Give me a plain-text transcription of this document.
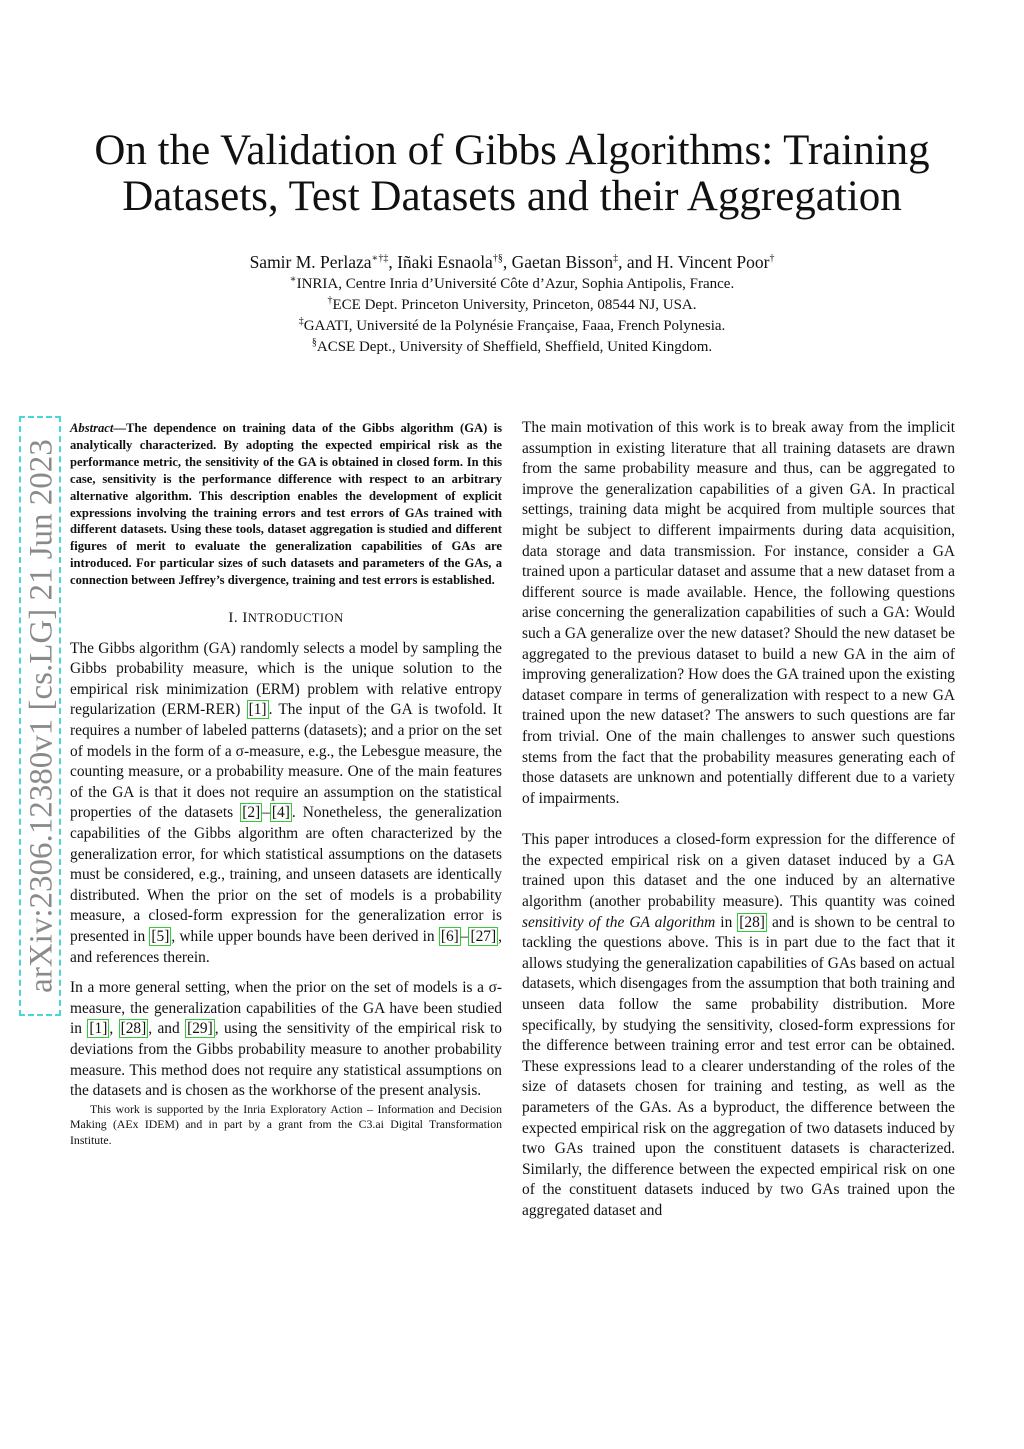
On the Validation of Gibbs Algorithms: Training
Datasets, Test Datasets and their Aggregation
Samir M. Perlaza∗†‡, Iñaki Esnaola†§, Gaetan Bisson‡, and H. Vincent Poor†
∗INRIA, Centre Inria d’Université Côte d’Azur, Sophia Antipolis, France.
†ECE Dept. Princeton University, Princeton, 08544 NJ, USA.
‡GAATI, Université de la Polynésie Française, Faaa, French Polynesia.
§ACSE Dept., University of Sheffield, Sheffield, United Kingdom.
arXiv:2306.12380v1 [cs.LG] 21 Jun 2023

Abstract—The dependence on training data of the Gibbs algorithm (GA) is analytically characterized. By adopting the expected empirical risk as the performance metric, the sensitivity of the GA is obtained in closed form. In this case, sensitivity is the performance difference with respect to an arbitrary alternative algorithm. This description enables the development of explicit expressions involving the training errors and test errors of GAs trained with different datasets. Using these tools, dataset aggregation is studied and different figures of merit to evaluate the generalization capabilities of GAs are introduced. For particular sizes of such datasets and parameters of the GAs, a connection between Jeffrey’s divergence, training and test errors is established.

I. INTRODUCTION

The Gibbs algorithm (GA) randomly selects a model by sampling the Gibbs probability measure, which is the unique solution to the empirical risk minimization (ERM) problem with relative entropy regularization (ERM-RER) [1] . The input of the GA is twofold. It requires a number of labeled patterns (datasets); and a prior on the set of models in the form of a σ-measure, e.g., the Lebesgue measure, the counting measure, or a probability measure. One of the main features of the GA is that it does not require an assumption on the statistical properties of the datasets [2] – [4] . Nonetheless, the generalization capabilities of the Gibbs algorithm are often characterized by the generalization error, for which statistical assumptions on the datasets must be considered, e.g., training, and unseen datasets are identically distributed. When the prior on the set of models is a probability measure, a closed-form expression for the generalization error is presented in [5] , while upper bounds have been derived in [6] – [27] , and references therein.

In a more general setting, when the prior on the set of models is a σ-measure, the generalization capabilities of the GA have been studied in [1] , [28] , and [29] , using the sensitivity of the empirical risk to deviations from the Gibbs probability measure to another probability measure. This method does not require any statistical assumptions on the datasets and is chosen as the workhorse of the present analysis.

This work is supported by the Inria Exploratory Action – Information and Decision Making (AEx IDEM) and in part by a grant from the C3.ai Digital Transformation Institute.

The main motivation of this work is to break away from the implicit assumption in existing literature that all training datasets are drawn from the same probability measure and thus, can be aggregated to improve the generalization capabilities of a given GA. In practical settings, training data might be acquired from multiple sources that might be subject to different impairments during data acquisition, data storage and data transmission. For instance, consider a GA trained upon a particular dataset and assume that a new dataset from a different source is made available. Hence, the following questions arise concerning the generalization capabilities of such a GA: Would such a GA generalize over the new dataset? Should the new dataset be aggregated to the previous dataset to build a new GA in the aim of improving generalization? How does the GA trained upon the existing dataset compare in terms of generalization with respect to a new GA trained upon the new dataset? The answers to such questions are far from trivial. One of the main challenges to answer such questions stems from the fact that the probability measures generating each of those datasets are unknown and potentially different due to a variety of impairments.

This paper introduces a closed-form expression for the difference of the expected empirical risk on a given dataset induced by a GA trained upon this dataset and the one induced by an alternative algorithm (another probability measure). This quantity was coined sensitivity of the GA algorithm in [28] and is shown to be central to tackling the questions above. This is in part due to the fact that it allows studying the generalization capabilities of GAs based on actual datasets, which disengages from the assumption that both training and unseen data follow the same probability distribution. More specifically, by studying the sensitivity, closed-form expressions for the difference between training error and test error can be obtained. These expressions lead to a clearer understanding of the roles of the size of datasets chosen for training and testing, as well as the parameters of the GAs. As a byproduct, the difference between the expected empirical risk on the aggregation of two datasets induced by two GAs trained upon the constituent datasets is characterized. Similarly, the difference between the expected empirical risk on one of the constituent datasets induced by two GAs trained upon the aggregated dataset and
